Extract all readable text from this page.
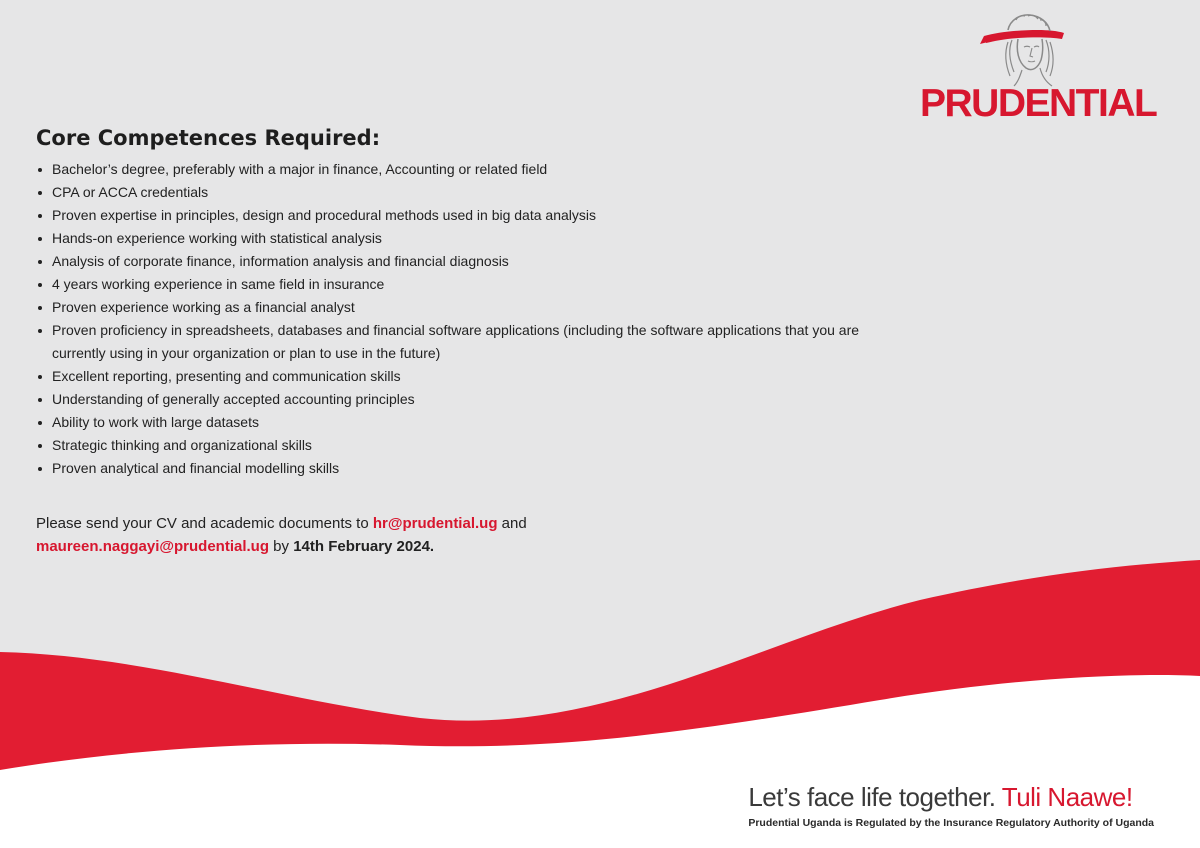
PRUDENTIAL
Core Competences Required:
Bachelor’s degree, preferably with a major in finance, Accounting or related field
CPA or ACCA credentials
Proven expertise in principles, design and procedural methods used in big data analysis
Hands-on experience working with statistical analysis
Analysis of corporate finance, information analysis and financial diagnosis
4 years working experience in same field in insurance
Proven experience working as a financial analyst
Proven proficiency in spreadsheets, databases and financial software applications (including the software applications that you are currently using in your organization or plan to use in the future)
Excellent reporting, presenting and communication skills
Understanding of generally accepted accounting principles
Ability to work with large datasets
Strategic thinking and organizational skills
Proven analytical and financial modelling skills
Please send your CV and academic documents to hr@prudential.ug and
maureen.naggayi@prudential.ug by 14th February 2024.
Let’s face life together. Tuli Naawe!
Prudential Uganda is Regulated by the Insurance Regulatory Authority of Uganda
